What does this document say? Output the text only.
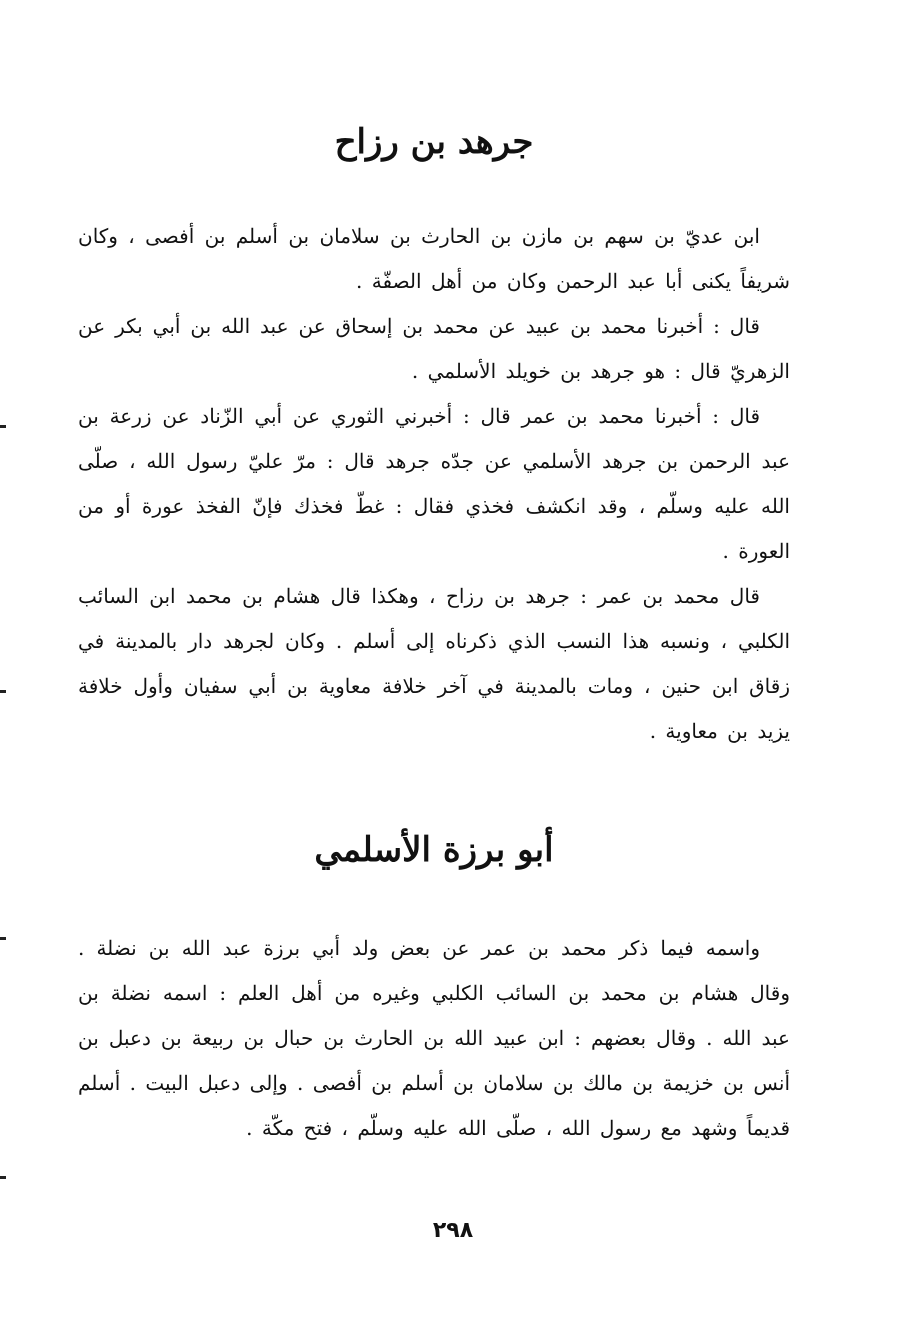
جرهد بن رزاح

ابن عديّ بن سهم بن مازن بن الحارث بن سلامان بن أسلم بن أفصى ، وكان شريفاً يكنى أبا عبد الرحمن وكان من أهل الصفّة .

قال : أخبرنا محمد بن عبيد عن محمد بن إسحاق عن عبد الله بن أبي بكر عن الزهريّ قال : هو جرهد بن خويلد الأسلمي .

قال : أخبرنا محمد بن عمر قال : أخبرني الثوري عن أبي الزّناد عن زرعة بن عبد الرحمن بن جرهد الأسلمي عن جدّه جرهد قال : مرّ عليّ رسول الله ، صلّى الله عليه وسلّم ، وقد انكشف فخذي فقال : غطّ فخذك فإنّ الفخذ عورة أو من العورة .

قال محمد بن عمر : جرهد بن رزاح ، وهكذا قال هشام بن محمد ابن السائب الكلبي ، ونسبه هذا النسب الذي ذكرناه إلى أسلم . وكان لجرهد دار بالمدينة في زقاق ابن حنين ، ومات بالمدينة في آخر خلافة معاوية بن أبي سفيان وأول خلافة يزيد بن معاوية .

أبو برزة الأسلمي

واسمه فيما ذكر محمد بن عمر عن بعض ولد أبي برزة عبد الله بن نضلة . وقال هشام بن محمد بن السائب الكلبي وغيره من أهل العلم : اسمه نضلة بن عبد الله . وقال بعضهم : ابن عبيد الله بن الحارث بن حبال بن ربيعة بن دعبل بن أنس بن خزيمة بن مالك بن سلامان بن أسلم بن أفصى . وإلى دعبل البيت . أسلم قديماً وشهد مع رسول الله ، صلّى الله عليه وسلّم ، فتح مكّة .

٢٩٨
